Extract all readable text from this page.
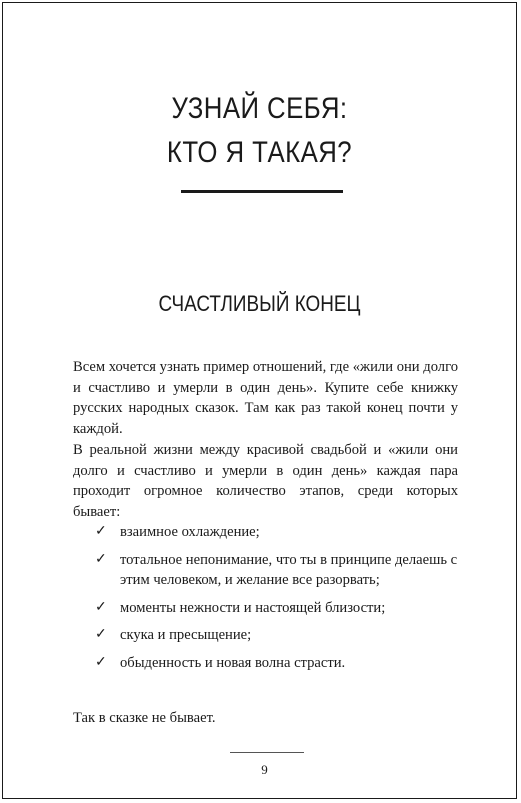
УЗНАЙ СЕБЯ:
КТО Я ТАКАЯ?
СЧАСТЛИВЫЙ КОНЕЦ
Всем хочется узнать пример отношений, где «жили они долго и счастливо и умерли в один день». Купите себе книжку русских народных сказок. Там как раз такой конец почти у каждой.
В реальной жизни между красивой свадьбой и «жили они долго и счастливо и умерли в один день» каждая пара проходит огромное количество этапов, среди которых бывает:
✓ взаимное охлаждение;
✓ тотальное непонимание, что ты в принципе делаешь с этим человеком, и желание все разорвать;
✓ моменты нежности и настоящей близости;
✓ скука и пресыщение;
✓ обыденность и новая волна страсти.
Так в сказке не бывает.
9
